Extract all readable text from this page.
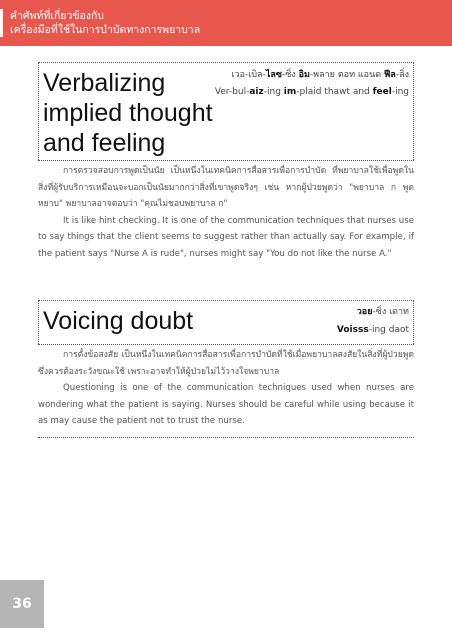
คำศัพท์ที่เกี่ยวข้องกับ
เครื่องมือที่ใช้ในการบำบัดทางการพยาบาล
Verbalizing
implied thought
and feeling
เวอ-เบิล-ไลซ-ซิ่ง อิม-พลาย ตอท แอนด ฟีล-ลิ่ง
Ver-bul-aiz-ing im-plaid thawt and feel-ing

การตรวจสอบการพูดเป็นนัย เป็นหนึ่งในเทคนิคการสื่อสารเพื่อการบำบัด ที่พยาบาลใช้เพื่อพูดในสิ่งที่ผู้รับบริการเหมือนจะบอกเป็นนัยมากกว่าสิ่งที่เขาพูดจริงๆ เช่น หากผู้ป่วยพูดว่า "พยาบาล ก พูดหยาบ" พยาบาลอาจตอบว่า "คุณไม่ชอบพยาบาล ก"

It is like hint checking. It is one of the communication techniques that nurses use to say things that the client seems to suggest rather than actually say. For example, if the patient says "Nurse A is rude", nurses might say "You do not like the nurse A."

Voicing doubt	วอย-ซิ่ง เดาท
Voisss-ing daot

การตั้งข้อสงสัย เป็นหนึ่งในเทคนิคการสื่อสารเพื่อการบำบัดที่ใช้เมื่อพยาบาลสงสัยในสิ่งที่ผู้ป่วยพูด ซึ่งควรต้องระวังขณะใช้ เพราะอาจทำให้ผู้ป่วยไม่ไว้วางใจพยาบาล

Questioning is one of the communication techniques used when nurses are wondering what the patient is saying. Nurses should be careful while using because it as may cause the patient not to trust the nurse.

36
